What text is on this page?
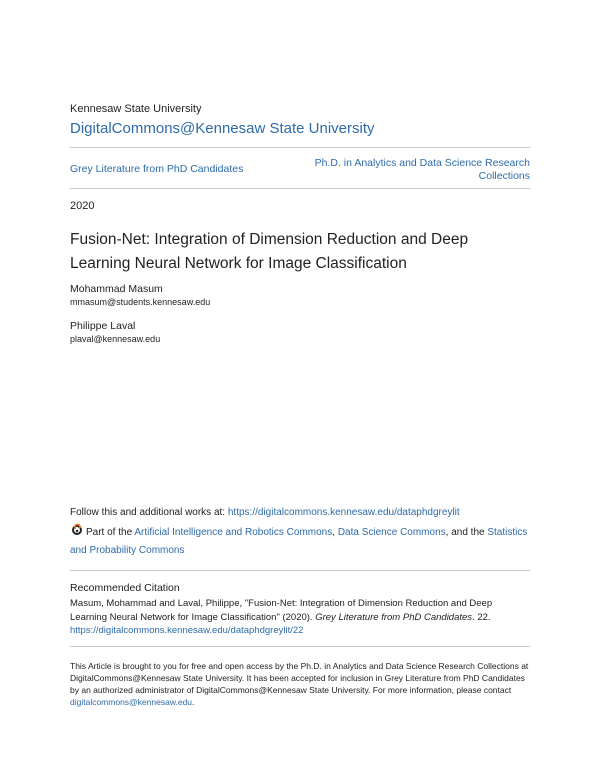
Kennesaw State University
DigitalCommons@Kennesaw State University
Grey Literature from PhD Candidates	Ph.D. in Analytics and Data Science Research Collections
2020
Fusion-Net: Integration of Dimension Reduction and Deep Learning Neural Network for Image Classification
Mohammad Masum
mmasum@students.kennesaw.edu
Philippe Laval
plaval@kennesaw.edu
Follow this and additional works at: https://digitalcommons.kennesaw.edu/dataphdgreylit
Part of the Artificial Intelligence and Robotics Commons, Data Science Commons, and the Statistics and Probability Commons
Recommended Citation
Masum, Mohammad and Laval, Philippe, "Fusion-Net: Integration of Dimension Reduction and Deep Learning Neural Network for Image Classification" (2020). Grey Literature from PhD Candidates. 22.
https://digitalcommons.kennesaw.edu/dataphdgreylit/22
This Article is brought to you for free and open access by the Ph.D. in Analytics and Data Science Research Collections at DigitalCommons@Kennesaw State University. It has been accepted for inclusion in Grey Literature from PhD Candidates by an authorized administrator of DigitalCommons@Kennesaw State University. For more information, please contact digitalcommons@kennesaw.edu.
